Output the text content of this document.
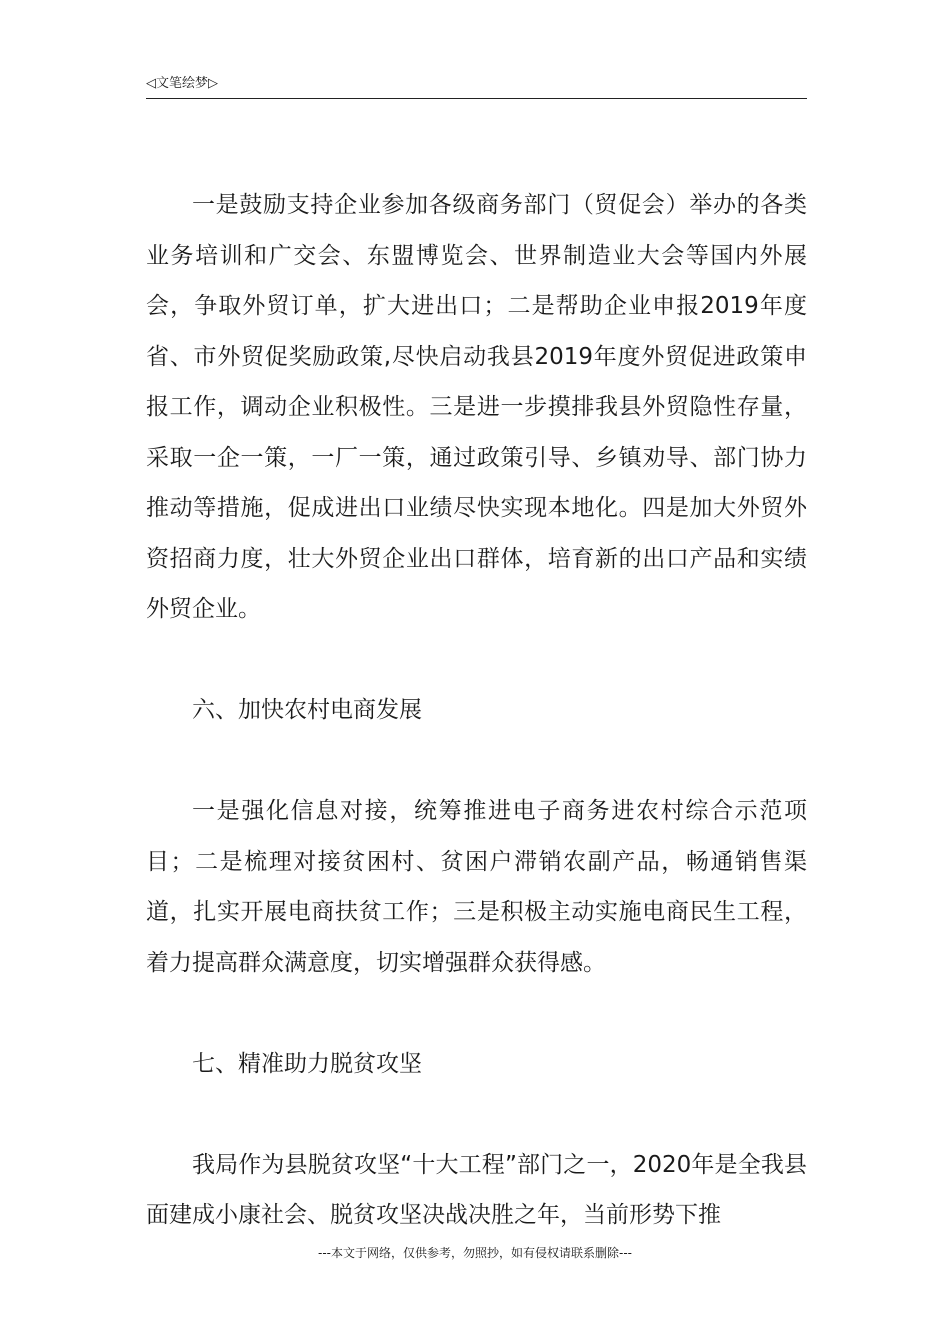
◁文笔绘梦▷

一是鼓励支持企业参加各级商务部门（贸促会）举办的各类业务培训和广交会、东盟博览会、世界制造业大会等国内外展会，争取外贸订单，扩大进出口；二是帮助企业申报2019年度省、市外贸促奖励政策,尽快启动我县2019年度外贸促进政策申报工作，调动企业积极性。三是进一步摸排我县外贸隐性存量，采取一企一策，一厂一策，通过政策引导、乡镇劝导、部门协力推动等措施，促成进出口业绩尽快实现本地化。四是加大外贸外资招商力度，壮大外贸企业出口群体，培育新的出口产品和实绩外贸企业。

六、加快农村电商发展

一是强化信息对接，统筹推进电子商务进农村综合示范项目；二是梳理对接贫困村、贫困户滞销农副产品，畅通销售渠道，扎实开展电商扶贫工作；三是积极主动实施电商民生工程，着力提高群众满意度，切实增强群众获得感。

七、精准助力脱贫攻坚

我局作为县脱贫攻坚“十大工程”部门之一，2020年是全我县面建成小康社会、脱贫攻坚决战决胜之年，当前形势下推

---本文于网络，仅供参考，勿照抄，如有侵权请联系删除---
